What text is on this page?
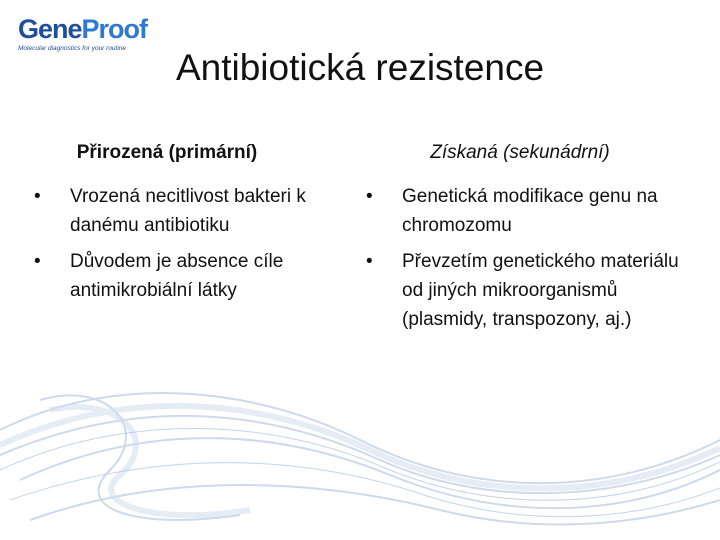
GeneProof
Molecular diagnostics for your routine	Antibiotická rezistence
Přirozená (primární)
• Vrozená necitlivost bakteri k danému antibiotiku
• Důvodem je absence cíle antimikrobiální látky
Získaná (sekunádrní)
• Genetická modifikace genu na chromozomu
• Převzetím genetického materiálu od jiných mikroorganismů (plasmidy, transpozony, aj.)
